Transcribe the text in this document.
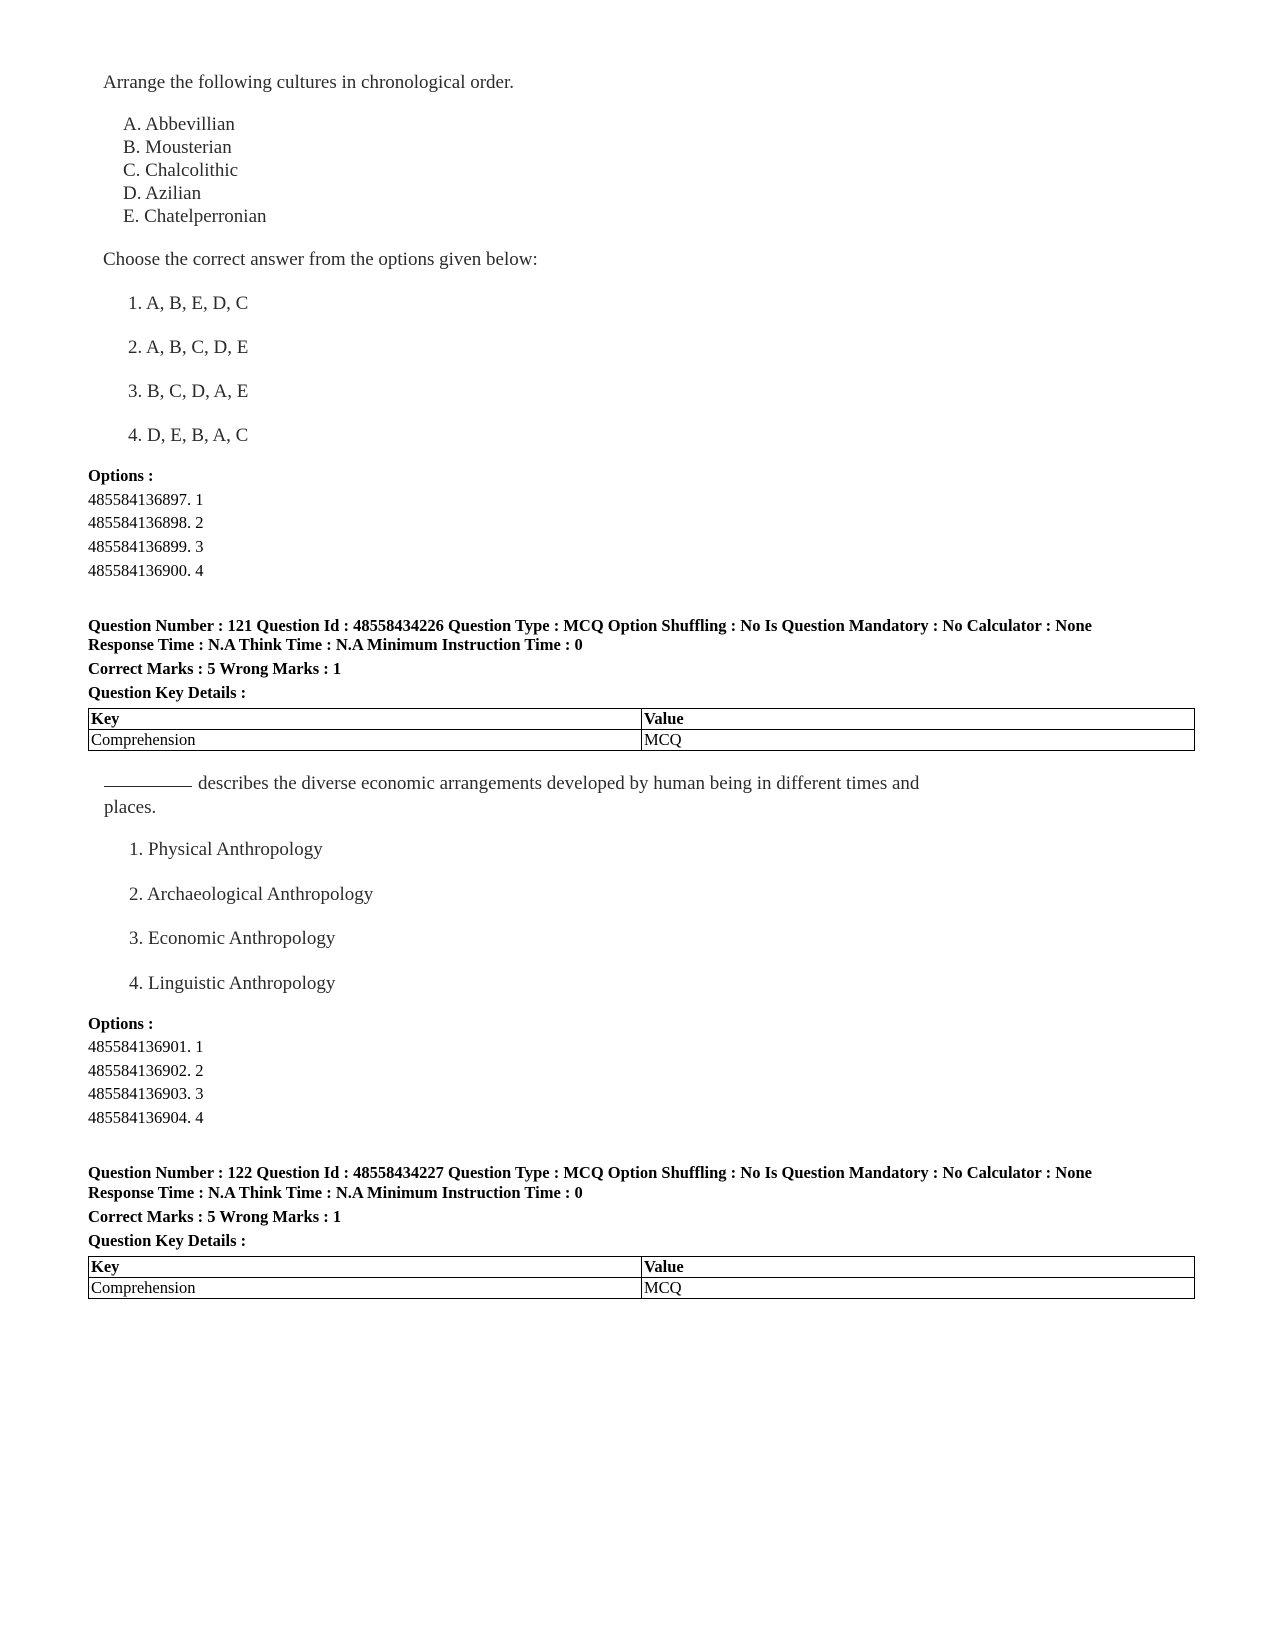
Arrange the following cultures in chronological order.
A. Abbevillian
B. Mousterian
C. Chalcolithic
D. Azilian
E. Chatelperronian
Choose the correct answer from the options given below:
1. A, B, E, D, C
2. A, B, C, D, E
3. B, C, D, A, E
4. D, E, B, A, C
Options :
485584136897. 1
485584136898. 2
485584136899. 3
485584136900. 4
Question Number : 121 Question Id : 48558434226 Question Type : MCQ Option Shuffling : No Is Question Mandatory : No Calculator : None
Response Time : N.A Think Time : N.A Minimum Instruction Time : 0
Correct Marks : 5 Wrong Marks : 1
Question Key Details :
Key	Value
Comprehension	MCQ
describes the diverse economic arrangements developed by human being in different times and
places.
1. Physical Anthropology
2. Archaeological Anthropology
3. Economic Anthropology
4. Linguistic Anthropology
Options :
485584136901. 1
485584136902. 2
485584136903. 3
485584136904. 4
Question Number : 122 Question Id : 48558434227 Question Type : MCQ Option Shuffling : No Is Question Mandatory : No Calculator : None
Response Time : N.A Think Time : N.A Minimum Instruction Time : 0
Correct Marks : 5 Wrong Marks : 1
Question Key Details :
Key	Value
Comprehension	MCQ
